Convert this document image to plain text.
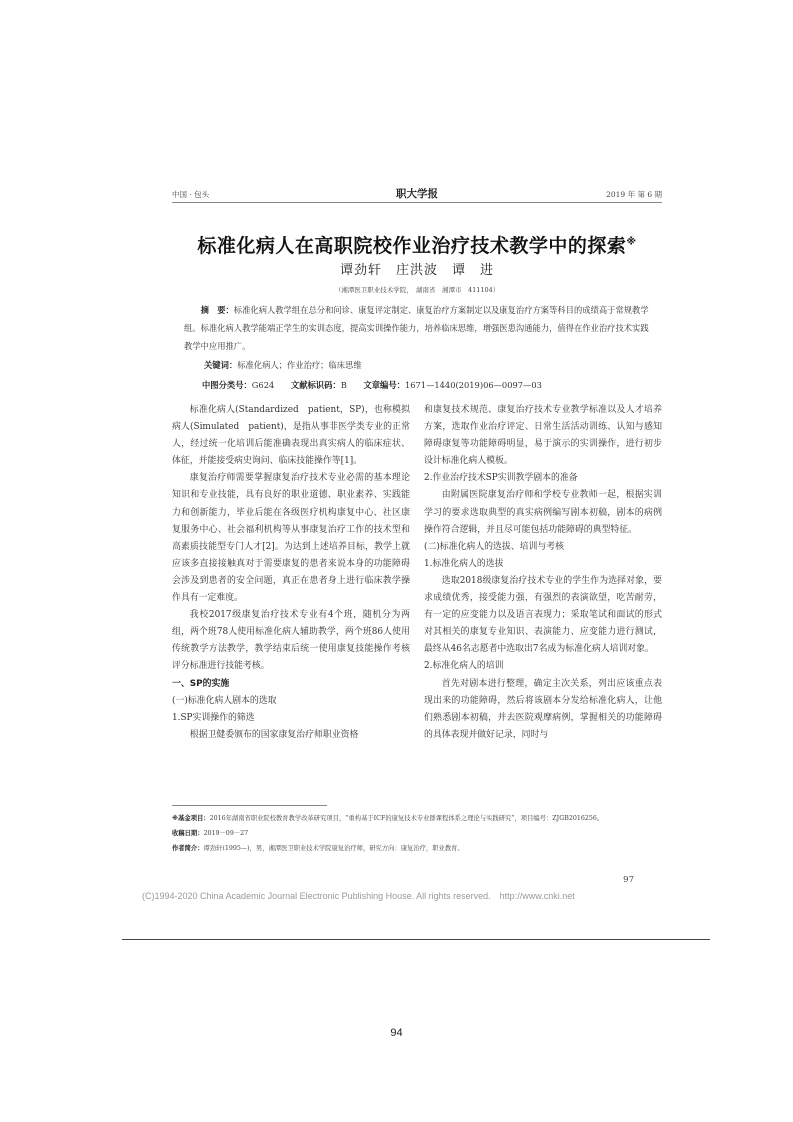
中国 · 包头	职大学报	2019 年 第 6 期
标准化病人在高职院校作业治疗技术教学中的探索※
谭劲轩　庄洪波　谭　进
（湘潭医卫职业技术学院，　湖南省　湘潭市　411104）
摘　要：标准化病人教学组在总分和问诊、康复评定制定、康复治疗方案制定以及康复治疗方案等科目的成绩高于常规教学组。标准化病人教学能端正学生的实训态度，提高实训操作能力，培养临床思维，增强医患沟通能力，值得在作业治疗技术实践教学中应用推广。
关键词：标准化病人；作业治疗；临床思维
中图分类号：G624 文献标识码：B 文章编号：1671—1440(2019)06—0097—03

标准化病人(Standardized　patient，SP)，也称模拟病人(Simulated　patient)，是指从事非医学类专业的正常人，经过统一化培训后能准确表现出真实病人的临床症状、体征，并能接受病史询问、临床技能操作等[1]。

康复治疗师需要掌握康复治疗技术专业必需的基本理论知识和专业技能，具有良好的职业道德、职业素养、实践能力和创新能力，毕业后能在各级医疗机构康复中心、社区康复服务中心、社会福利机构等从事康复治疗工作的技术型和高素质技能型专门人才[2]。为达到上述培养目标，教学上就应该多直接接触真对于需要康复的患者来说本身的功能障碍会涉及到患者的安全问题，真正在患者身上进行临床教学操作具有一定难度。

我校2017级康复治疗技术专业有4个班，随机分为两组，两个班78人使用标准化病人辅助教学，两个班86人使用传统教学方法教学，教学结束后统一使用康复技能操作考核评分标准进行技能考核。

一、SP的实施

(一)标准化病人剧本的选取

1.SP实训操作的筛选

根据卫健委颁布的国家康复治疗师职业资格

和康复技术规范、康复治疗技术专业教学标准以及人才培养方案，选取作业治疗评定、日常生活活动训练、认知与感知障碍康复等功能障碍明显，易于演示的实训操作，进行初步设计标准化病人模板。

2.作业治疗技术SP实训教学剧本的准备

由附属医院康复治疗师和学校专业教师一起，根据实训学习的要求选取典型的真实病例编写剧本初稿，剧本的病例操作符合逻辑，并且尽可能包括功能障碍的典型特征。

(二)标准化病人的选拔、培训与考核

1.标准化病人的选拔

选取2018级康复治疗技术专业的学生作为选择对象，要求成绩优秀，接受能力强，有强烈的表演欲望，吃苦耐劳，有一定的应变能力以及语言表现力；采取笔试和面试的形式对其相关的康复专业知识、表演能力、应变能力进行测试，最终从46名志愿者中选取出7名成为标准化病人培训对象。

2.标准化病人的培训

首先对剧本进行整理，确定主次关系，列出应该重点表现出来的功能障碍，然后将该剧本分发给标准化病人，让他们熟悉剧本初稿，并去医院观摩病例，掌握相关的功能障碍的具体表现并做好记录，同时与

※基金项目：2016年湖南省职业院校教育教学改革研究项目，“重构基于ICF的康复技术专业群课程体系之理论与实践研究”，项目编号：ZJGB2016256。
收稿日期：2019－09－27
作者简介：谭劲轩(1995—)，男，湘潭医卫职业技术学院康复治疗师，研究方向：康复治疗，职业教育。
97
(C)1994-2020 China Academic Journal Electronic Publishing House. All rights reserved.　http://www.cnki.net
94
